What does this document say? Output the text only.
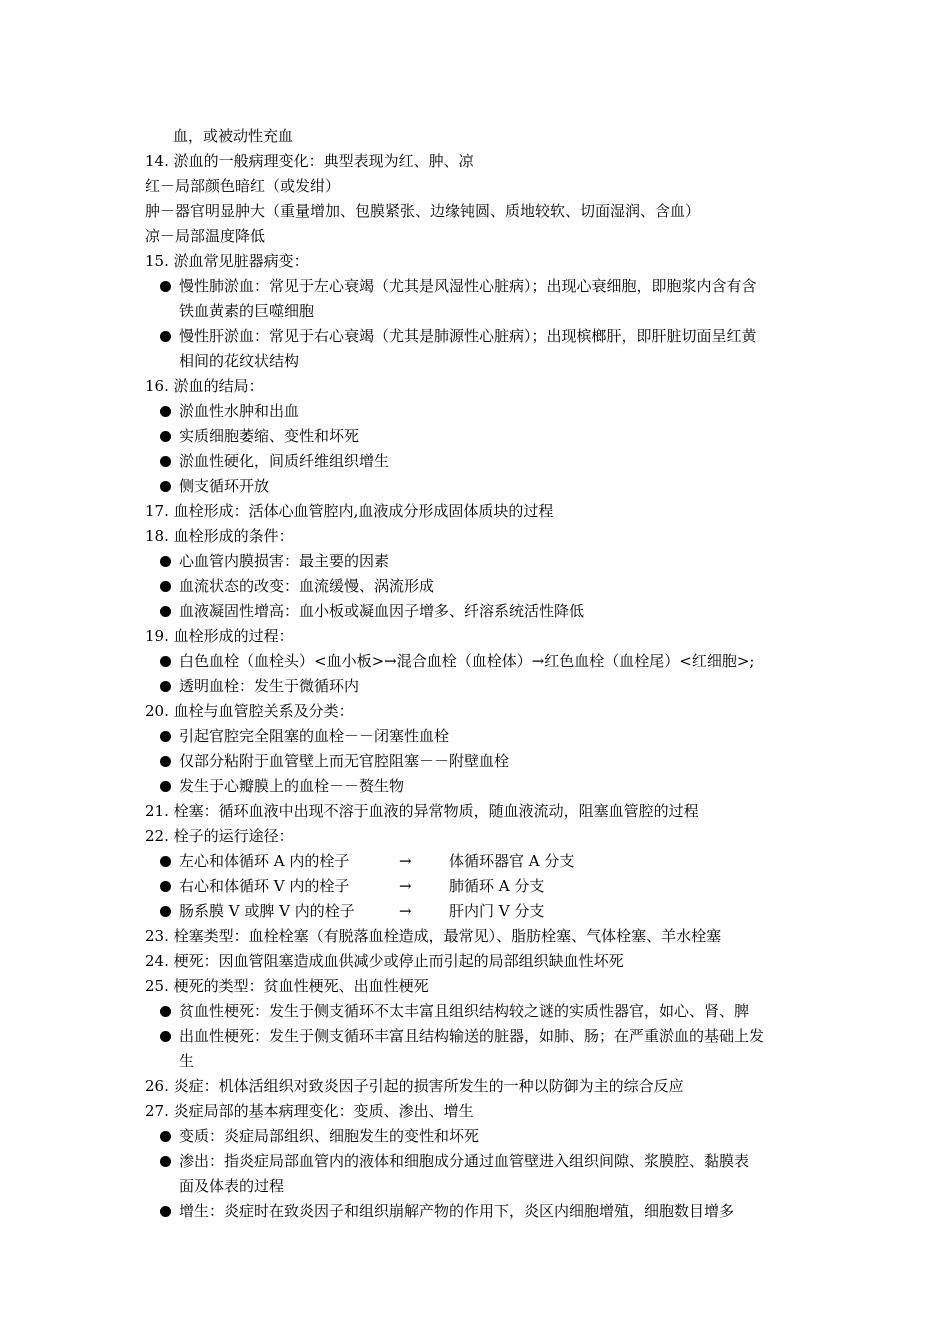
血，或被动性充血
14. 淤血的一般病理变化：典型表现为红、肿、凉
红－局部颜色暗红（或发绀）
肿－器官明显肿大（重量增加、包膜紧张、边缘钝圆、质地较软、切面湿润、含血）
凉－局部温度降低
15. 淤血常见脏器病变：
慢性肺淤血：常见于左心衰竭（尤其是风湿性心脏病）；出现心衰细胞，即胞浆内含有含
铁血黄素的巨噬细胞
慢性肝淤血：常见于右心衰竭（尤其是肺源性心脏病）；出现槟榔肝，即肝脏切面呈红黄
相间的花纹状结构
16. 淤血的结局：
淤血性水肿和出血
实质细胞萎缩、变性和坏死
淤血性硬化，间质纤维组织增生
侧支循环开放
17. 血栓形成：活体心血管腔内,血液成分形成固体质块的过程
18. 血栓形成的条件：
心血管内膜损害：最主要的因素
血流状态的改变：血流缓慢、涡流形成
血液凝固性增高：血小板或凝血因子增多、纤溶系统活性降低
19. 血栓形成的过程：
白色血栓（血栓头）<血小板>→混合血栓（血栓体）→红色血栓（血栓尾）<红细胞>;
透明血栓：发生于微循环内
20. 血栓与血管腔关系及分类：
引起官腔完全阻塞的血栓－－闭塞性血栓
仅部分粘附于血管壁上而无官腔阻塞－－附壁血栓
发生于心瓣膜上的血栓－－赘生物
21. 栓塞：循环血液中出现不溶于血液的异常物质，随血液流动，阻塞血管腔的过程
22. 栓子的运行途径：
左心和体循环 A 内的栓子	→ 体循环器官 A 分支
右心和体循环 V 内的栓子	→ 肺循环 A 分支
肠系膜 V 或脾 V 内的栓子	→ 肝内门 V 分支
23. 栓塞类型：血栓栓塞（有脱落血栓造成，最常见）、脂肪栓塞、气体栓塞、羊水栓塞
24. 梗死：因血管阻塞造成血供减少或停止而引起的局部组织缺血性坏死
25. 梗死的类型：贫血性梗死、出血性梗死
贫血性梗死：发生于侧支循环不太丰富且组织结构较之谜的实质性器官，如心、肾、脾
出血性梗死：发生于侧支循环丰富且结构输送的脏器，如肺、肠；在严重淤血的基础上发
生
26. 炎症：机体活组织对致炎因子引起的损害所发生的一种以防御为主的综合反应
27. 炎症局部的基本病理变化：变质、渗出、增生
变质：炎症局部组织、细胞发生的变性和坏死
渗出：指炎症局部血管内的液体和细胞成分通过血管壁进入组织间隙、浆膜腔、黏膜表
面及体表的过程
增生：炎症时在致炎因子和组织崩解产物的作用下，炎区内细胞增殖，细胞数目增多
